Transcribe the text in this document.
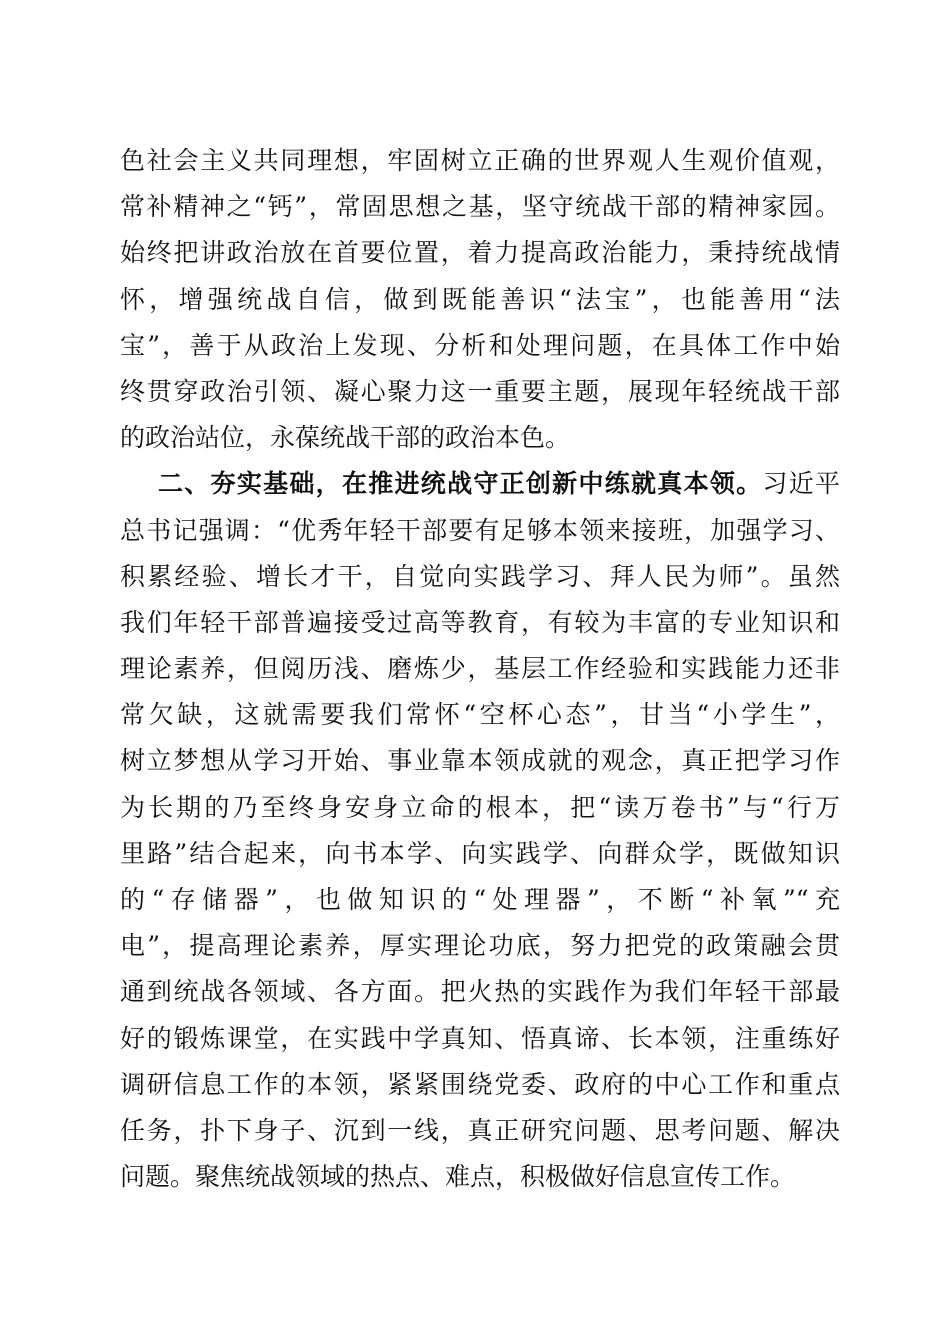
色社会主义共同理想，牢固树立正确的世界观人生观价值观，
常补精神之“钙”，常固思想之基，坚守统战干部的精神家园。
始终把讲政治放在首要位置，着力提高政治能力，秉持统战情
怀，增强统战自信，做到既能善识“法宝”，也能善用“法
宝”，善于从政治上发现、分析和处理问题，在具体工作中始
终贯穿政治引领、凝心聚力这一重要主题，展现年轻统战干部
的政治站位，永葆统战干部的政治本色。
二、夯实基础，在推进统战守正创新中练就真本领。习近平
总书记强调：“优秀年轻干部要有足够本领来接班，加强学习、
积累经验、增长才干，自觉向实践学习、拜人民为师”。虽然
我们年轻干部普遍接受过高等教育，有较为丰富的专业知识和
理论素养，但阅历浅、磨炼少，基层工作经验和实践能力还非
常欠缺，这就需要我们常怀“空杯心态”，甘当“小学生”，
树立梦想从学习开始、事业靠本领成就的观念，真正把学习作
为长期的乃至终身安身立命的根本，把“读万卷书”与“行万
里路”结合起来，向书本学、向实践学、向群众学，既做知识
的“存储器”，也做知识的“处理器”，不断“补氧”“充
电”，提高理论素养，厚实理论功底，努力把党的政策融会贯
通到统战各领域、各方面。把火热的实践作为我们年轻干部最
好的锻炼课堂，在实践中学真知、悟真谛、长本领，注重练好
调研信息工作的本领，紧紧围绕党委、政府的中心工作和重点
任务，扑下身子、沉到一线，真正研究问题、思考问题、解决
问题。聚焦统战领域的热点、难点，积极做好信息宣传工作。
